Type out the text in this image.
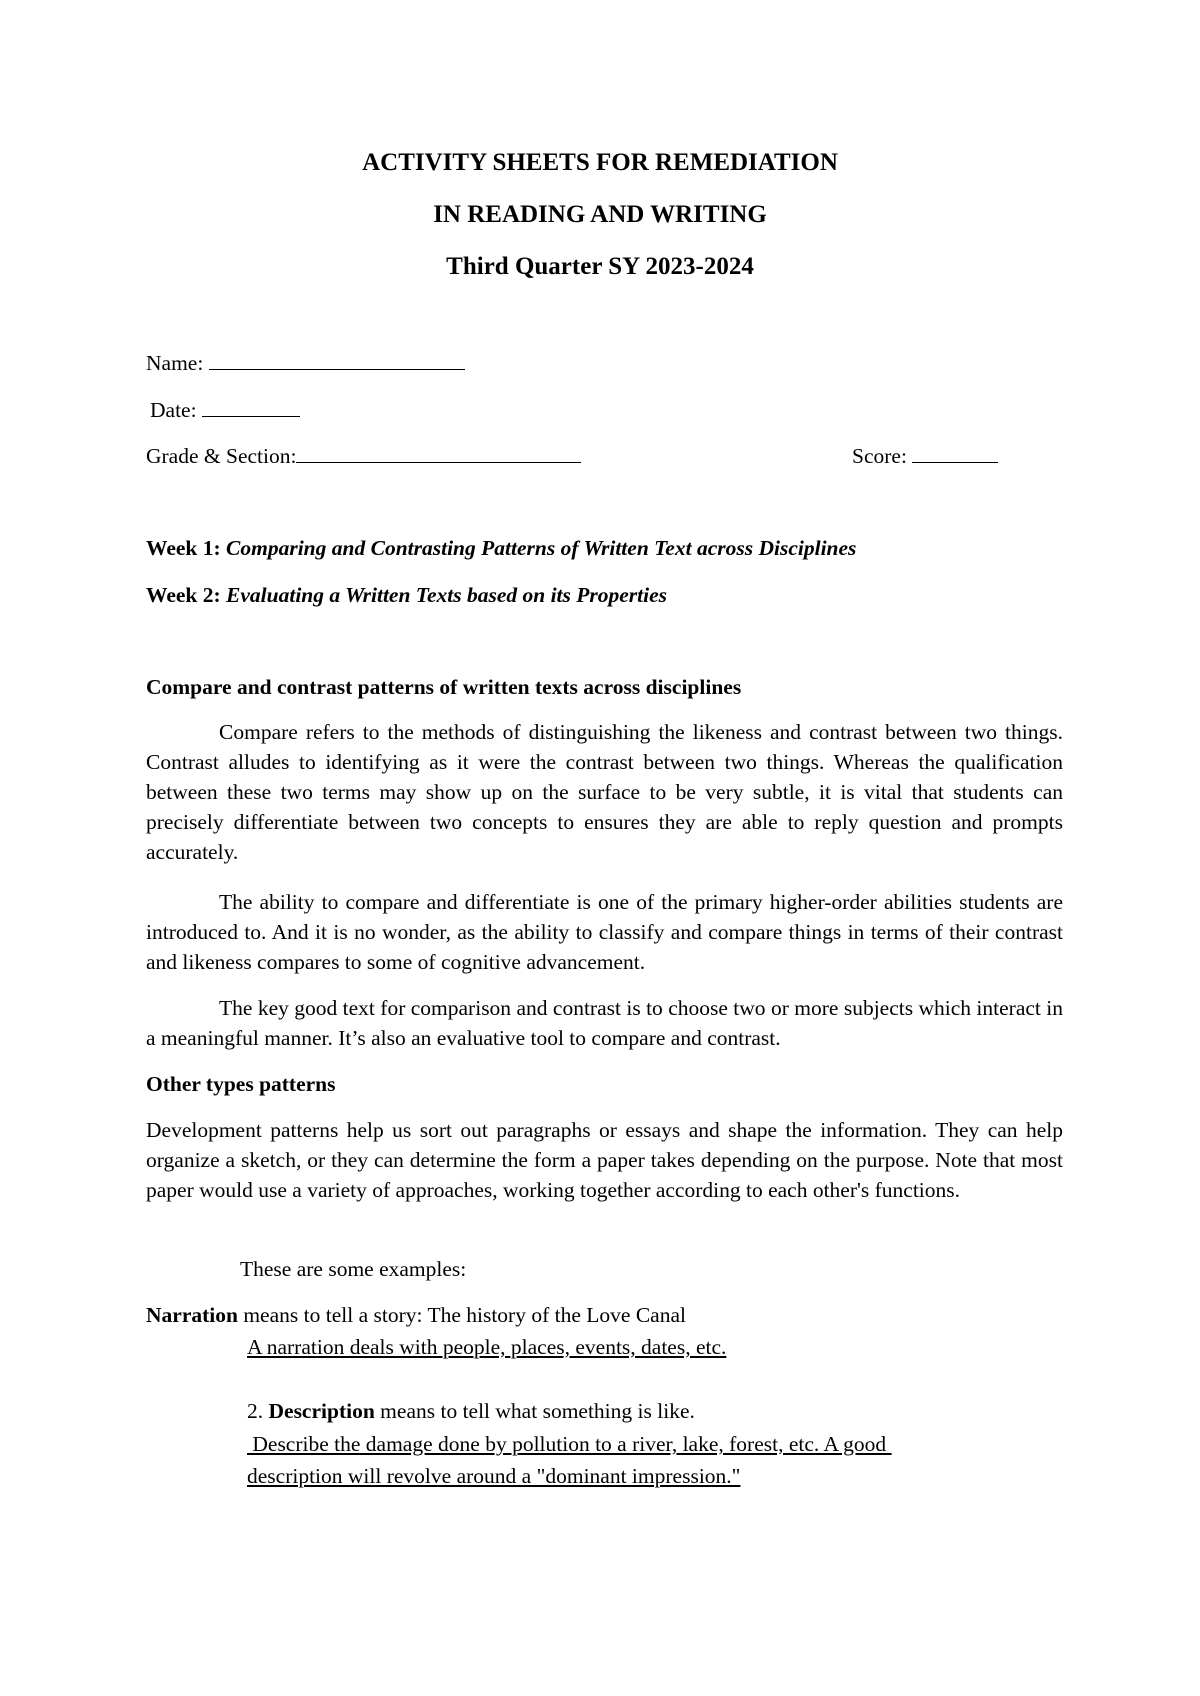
ACTIVITY SHEETS FOR REMEDIATION
IN READING AND WRITING
Third Quarter SY 2023-2024
Name:
Date:
Grade & Section:	Score:
Week 1: Comparing and Contrasting Patterns of Written Text across Disciplines
Week 2: Evaluating a Written Texts based on its Properties
Compare and contrast patterns of written texts across disciplines

Compare refers to the methods of distinguishing the likeness and contrast between two things. Contrast alludes to identifying as it were the contrast between two things. Whereas the qualification between these two terms may show up on the surface to be very subtle, it is vital that students can precisely differentiate between two concepts to ensures they are able to reply question and prompts accurately.

The ability to compare and differentiate is one of the primary higher-order abilities students are introduced to. And it is no wonder, as the ability to classify and compare things in terms of their contrast and likeness compares to some of cognitive advancement.

The key good text for comparison and contrast is to choose two or more subjects which interact in a meaningful manner. It’s also an evaluative tool to compare and contrast.

Other types patterns

Development patterns help us sort out paragraphs or essays and shape the information. They can help organize a sketch, or they can determine the form a paper takes depending on the purpose. Note that most paper would use a variety of approaches, working together according to each other's functions.

These are some examples:
Narration means to tell a story: The history of the Love Canal
A narration deals with people, places, events, dates, etc.
2. Description means to tell what something is like.
Describe the damage done by pollution to a river, lake, forest, etc. A good
description will revolve around a "dominant impression."
